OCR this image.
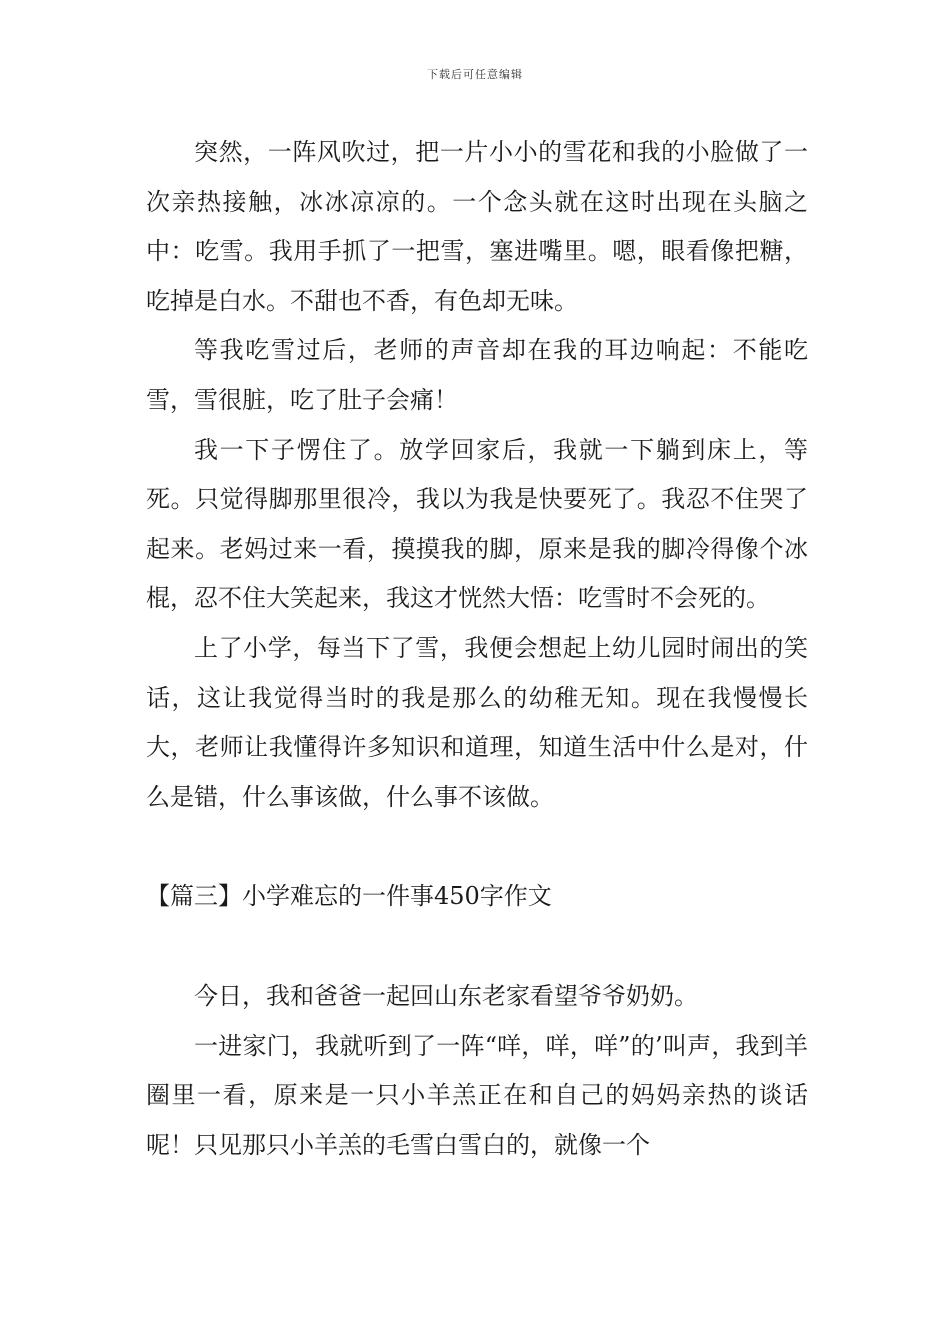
下载后可任意编辑

突然，一阵风吹过，把一片小小的雪花和我的小脸做了一次亲热接触，冰冰凉凉的。一个念头就在这时出现在头脑之中：吃雪。我用手抓了一把雪，塞进嘴里。嗯，眼看像把糖，吃掉是白水。不甜也不香，有色却无味。

等我吃雪过后，老师的声音却在我的耳边响起：不能吃雪，雪很脏，吃了肚子会痛！

我一下子愣住了。放学回家后，我就一下躺到床上，等死。只觉得脚那里很冷，我以为我是快要死了。我忍不住哭了起来。老妈过来一看，摸摸我的脚，原来是我的脚冷得像个冰棍，忍不住大笑起来，我这才恍然大悟：吃雪时不会死的。

上了小学，每当下了雪，我便会想起上幼儿园时闹出的笑话，这让我觉得当时的我是那么的幼稚无知。现在我慢慢长大，老师让我懂得许多知识和道理，知道生活中什么是对，什么是错，什么事该做，什么事不该做。

【篇三】小学难忘的一件事450字作文

今日，我和爸爸一起回山东老家看望爷爷奶奶。

一进家门，我就听到了一阵“咩，咩，咩”的’叫声，我到羊圈里一看，原来是一只小羊羔正在和自己的妈妈亲热的谈话呢！只见那只小羊羔的毛雪白雪白的，就像一个
